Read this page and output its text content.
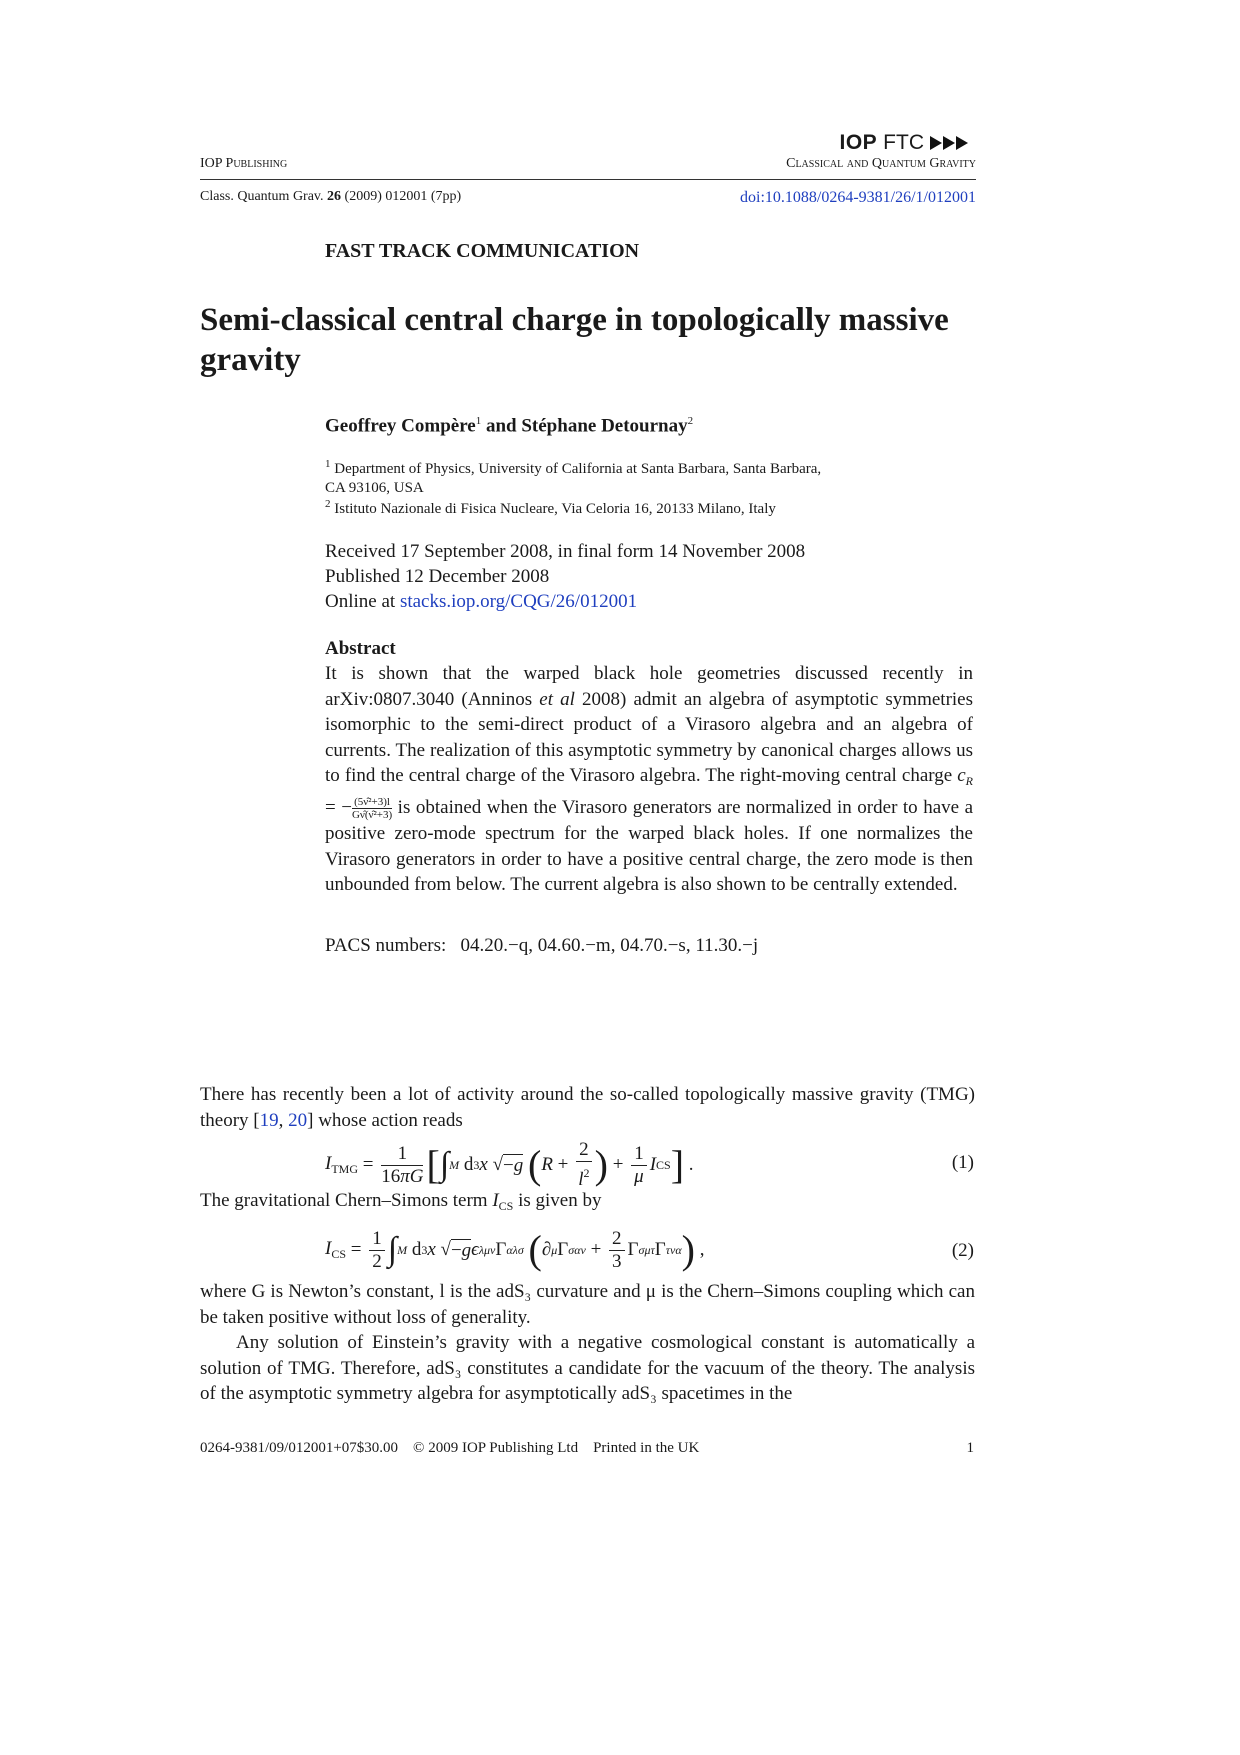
IOP FTC
IOP Publishing	Classical and Quantum Gravity
Class. Quantum Grav. 26 (2009) 012001 (7pp)	doi:10.1088/0264-9381/26/1/012001
FAST TRACK COMMUNICATION
Semi-classical central charge in topologically massive
gravity
Geoffrey Compère$^1$ and Stéphane Detournay$^2$
$^1$ Department of Physics, University of California at Santa Barbara, Santa Barbara,
CA 93106, USA
$^2$ Istituto Nazionale di Fisica Nucleare, Via Celoria 16, 20133 Milano, Italy
Received 17 September 2008, in final form 14 November 2008
Published 12 December 2008
Online at stacks.iop.org/CQG/26/012001
Abstract
It is shown that the warped black hole geometries discussed recently in arXiv:0807.3040 (Anninos et al 2008) admit an algebra of asymptotic symmetries isomorphic to the semi-direct product of a Virasoro algebra and an algebra of currents. The realization of this asymptotic symmetry by canonical charges allows us to find the central charge of the Virasoro algebra. The right-moving central charge $c_R$ = − $\frac{\text{(5ν̂²+3)l}}{\text{Gν̂(ν̂²+3)}}$ is obtained when the Virasoro generators are normalized in order to have a positive zero-mode spectrum for the warped black holes. If one normalizes the Virasoro generators in order to have a positive central charge, the zero mode is then unbounded from below. The current algebra is also shown to be centrally extended.
PACS numbers: 04.20.−q, 04.60.−m, 04.70.−s, 11.30.−j
There has recently been a lot of activity around the so-called topologically massive gravity (TMG) theory [19, 20] whose action reads
$I_{TMG} = \frac{1}{16\pi G}$ [ ∫ M d 3 x √ −g
( $R + \frac{2}{l^2}$ ) + $\frac{1}{\mu}$ I CS ] .	(1)
The gravitational Chern–Simons term $I_{CS}$ is given by
$I_{CS} = \frac{1}{2}$ ∫ M d 3 x √ −g ϵ λμν Γ α λσ
( ∂ μ Γ σ $\alpha\nu + \frac{2}{3}$ Γ σ μτ Γ τ να ) ,	(2)
where G is Newton’s constant, l is the adS₃ curvature and μ is the Chern–Simons coupling which can be taken positive without loss of generality.
Any solution of Einstein’s gravity with a negative cosmological constant is automatically a solution of TMG. Therefore, adS₃ constitutes a candidate for the vacuum of the theory. The analysis of the asymptotic symmetry algebra for asymptotically adS₃ spacetimes in the
0264-9381/09/012001+07$30.00 © 2009 IOP Publishing Ltd Printed in the UK	1
